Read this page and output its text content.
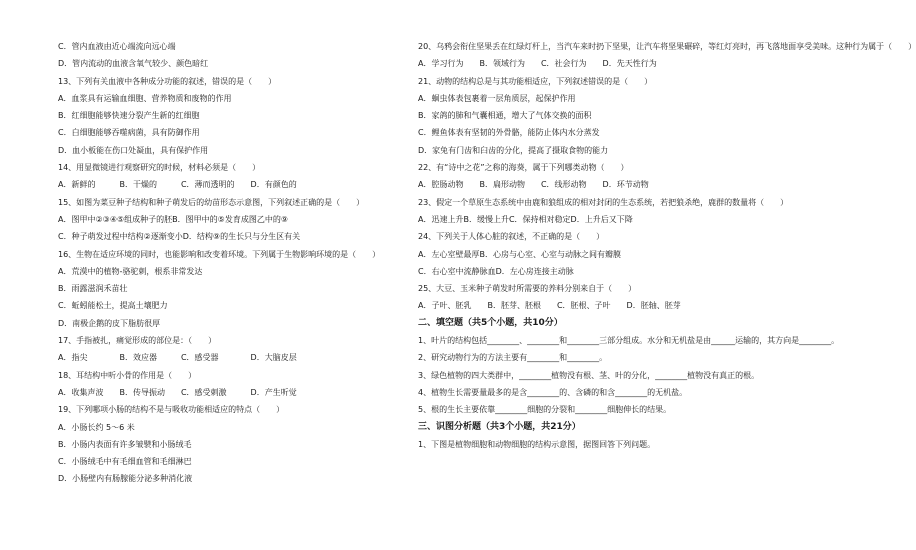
C．管内血液由近心端流向远心端
D．管内流动的血液含氧气较少、颜色暗红
13、下列有关血液中各种成分功能的叙述，错误的是（　　）
A．血浆具有运输血细胞、营养物质和废物的作用
B．红细胞能够快速分裂产生新的红细胞
C．白细胞能够吞噬病菌，具有防御作用
D．血小板能在伤口处凝血，具有保护作用
14、用显微镜进行观察研究的时候，材料必须是（　　）
A．新鲜的　　　B．干燥的　　　C．薄而透明的　　D．有颜色的
15、如图为菜豆种子结构和种子萌发后的幼苗形态示意图，下列叙述正确的是（　　）
A．图甲中②③④⑤组成种子的胚B．图甲中的⑤发育成图乙中的⑨
C．种子萌发过程中结构②逐渐变小D．结构⑨的生长只与分生区有关
16、生物在适应环境的同时，也能影响和改变着环境。下列属于生物影响环境的是（　　）
A．荒漠中的植物-骆驼刺，根系非常发达
B．雨露滋润禾苗壮
C．蚯蚓能松土，提高土壤肥力
D．南极企鹅的皮下脂肪很厚
17、手指被扎，痛觉形成的部位是：（　　）
A．指尖　　　　B．效应器　　　C．感受器　　　　D．大脑皮层
18、耳结构中听小骨的作用是（　　）
A．收集声波　　B．传导振动　　C．感受刺激　　　D．产生听觉
19、下列哪项小肠的结构不是与吸收功能相适应的特点（　　）
A．小肠长约 5～6 米
B．小肠内表面有许多皱襞和小肠绒毛
C．小肠绒毛中有毛细血管和毛细淋巴
D．小肠壁内有肠腺能分泌多种消化液
20、乌鸦会衔住坚果丢在红绿灯杆上，当汽车来时扔下坚果，让汽车将坚果碾碎，等红灯亮时，再飞落地面享受美味。这种行为属于（　　）
A．学习行为　　B．领域行为　　C．社会行为　　D．先天性行为
21、动物的结构总是与其功能相适应，下列叙述错误的是（　　）
A．蛔虫体表包裹着一层角质层，起保护作用
B．家鸽的肺和气囊相通，增大了气体交换的面积
C．鲤鱼体表有坚韧的外骨骼，能防止体内水分蒸发
D．家兔有门齿和臼齿的分化，提高了摄取食物的能力
22、有“诗中之花”之称的海葵，属于下列哪类动物（　　）
A．腔肠动物　　B．扁形动物　　C．线形动物　　D．环节动物
23、假定一个草原生态系统中由鹿和狼组成的相对封闭的生态系统，若把狼杀绝，鹿群的数量将（　　）
A．迅速上升B．缓慢上升C．保持相对稳定D．上升后又下降
24、下列关于人体心脏的叙述，不正确的是（　　）
A．左心室壁最厚B．心房与心室、心室与动脉之间有瓣膜
C．右心室中流静脉血D．左心房连接主动脉
25、大豆、玉米种子萌发时所需要的养料分别来自于（　　）
A．子叶、胚乳　　B．胚芽、胚根　　C．胚根、子叶　　D．胚轴、胚芽
二、填空题（共5个小题，共10分）
1、叶片的结构包括________、________和________三部分组成。水分和无机盐是由______运输的，其方向是________。
2、研究动物行为的方法主要有________和________。
3、绿色植物的四大类群中，________植物没有根、茎、叶的分化，________植物没有真正的根。
4、植物生长需要量最多的是含________的、含磷的和含________的无机盐。
5、根的生长主要依靠________细胞的分裂和________细胞伸长的结果。
三、识图分析题（共3个小题，共21分）
1、下图是植物细胞和动物细胞的结构示意图，据图回答下列问题。
